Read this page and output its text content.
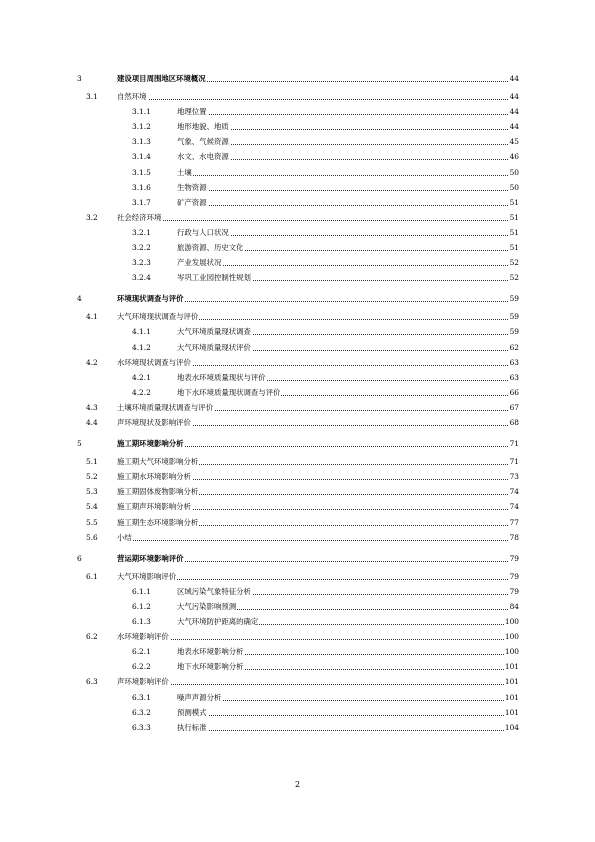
3	建设项目周围地区环境概况	44
3.1	自然环境	44
3.1.1	地理位置	44
3.1.2	地形地貌、地质	44
3.1.3	气象、气候资源	45
3.1.4	水文、水电资源	46
3.1.5	土壤	50
3.1.6	生物资源	50
3.1.7	矿产资源	51
3.2	社会经济环境	51
3.2.1	行政与人口状况	51
3.2.2	旅游资源、历史文化	51
3.2.3	产业发展状况	52
3.2.4	岑巩工业园控制性规划	52
4	环境现状调查与评价	59
4.1	大气环境现状调查与评价	59
4.1.1	大气环境质量现状调查	59
4.1.2	大气环境质量现状评价	62
4.2	水环境现状调查与评价	63
4.2.1	地表水环境质量现状与评价	63
4.2.2	地下水环境质量现状调查与评价	66
4.3	土壤环境质量现状调查与评价	67
4.4	声环境现状及影响评价	68
5	施工期环境影响分析	71
5.1	施工期大气环境影响分析	71
5.2	施工期水环境影响分析	73
5.3	施工期固体废物影响分析	74
5.4	施工期声环境影响分析	74
5.5	施工期生态环境影响分析	77
5.6	小结	78
6	营运期环境影响评价	79
6.1	大气环境影响评价	79
6.1.1	区域污染气象特征分析	79
6.1.2	大气污染影响预测	84
6.1.3	大气环境防护距离的确定	100
6.2	水环境影响评价	100
6.2.1	地表水环境影响分析	100
6.2.2	地下水环境影响分析	101
6.3	声环境影响评价	101
6.3.1	噪声声源分析	101
6.3.2	预测模式	101
6.3.3	执行标准	104
2
